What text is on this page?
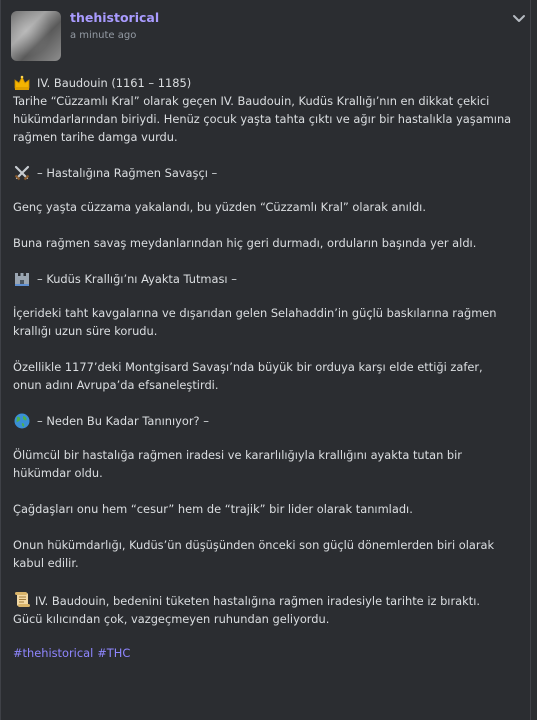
thehistorical
a minute ago
IV. Baudouin (1161 – 1185)

Tarihe “Cüzzamlı Kral” olarak geçen IV. Baudouin, Kudüs Krallığı’nın en dikkat çekici hükümdarlarından biriydi. Henüz çocuk yaşta tahta çıktı ve ağır bir hastalıkla yaşamına rağmen tarihe damga vurdu.

– Hastalığına Rağmen Savaşçı –

Genç yaşta cüzzama yakalandı, bu yüzden “Cüzzamlı Kral” olarak anıldı.

Buna rağmen savaş meydanlarından hiç geri durmadı, orduların başında yer aldı.

– Kudüs Krallığı’nı Ayakta Tutması –

İçerideki taht kavgalarına ve dışarıdan gelen Selahaddin’in güçlü baskılarına rağmen krallığı uzun süre korudu.

Özellikle 1177’deki Montgisard Savaşı’nda büyük bir orduya karşı elde ettiği zafer, onun adını Avrupa’da efsaneleştirdi.

– Neden Bu Kadar Tanınıyor? –

Ölümcül bir hastalığa rağmen iradesi ve kararlılığıyla krallığını ayakta tutan bir hükümdar oldu.

Çağdaşları onu hem “cesur” hem de “trajik” bir lider olarak tanımladı.

Onun hükümdarlığı, Kudüs’ün düşüşünden önceki son güçlü dönemlerden biri olarak kabul edilir.

IV. Baudouin, bedenini tüketen hastalığına rağmen iradesiyle tarihte iz bıraktı. Gücü kılıcından çok, vazgeçmeyen ruhundan geliyordu.
#thehistorical #THC
